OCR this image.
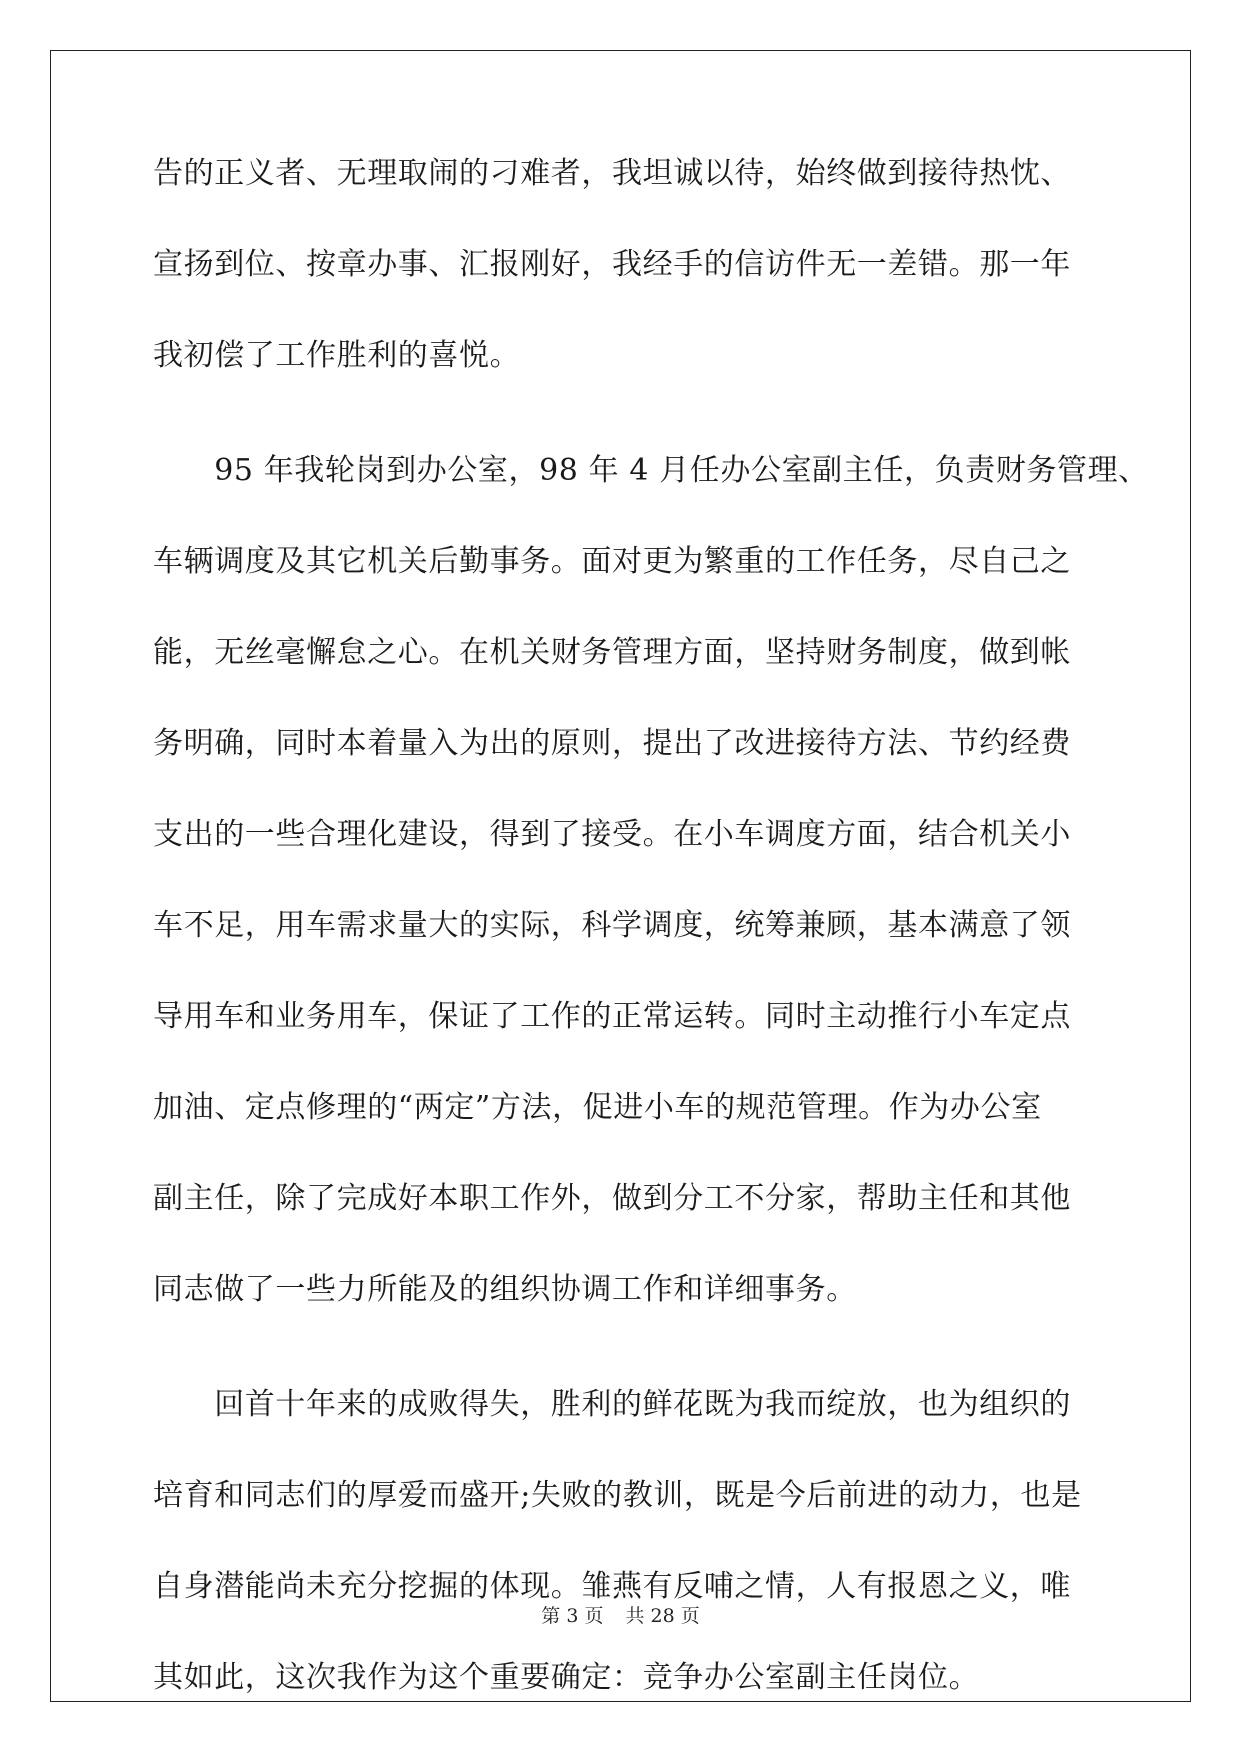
告的正义者、无理取闹的刁难者，我坦诚以待，始终做到接待热忱、
宣扬到位、按章办事、汇报刚好，我经手的信访件无一差错。那一年
我初偿了工作胜利的喜悦。
　　95 年我轮岗到办公室，98 年 4 月任办公室副主任，负责财务管理、
车辆调度及其它机关后勤事务。面对更为繁重的工作任务，尽自己之
能，无丝毫懈怠之心。在机关财务管理方面，坚持财务制度，做到帐
务明确，同时本着量入为出的原则，提出了改进接待方法、节约经费
支出的一些合理化建设，得到了接受。在小车调度方面，结合机关小
车不足，用车需求量大的实际，科学调度，统筹兼顾，基本满意了领
导用车和业务用车，保证了工作的正常运转。同时主动推行小车定点
加油、定点修理的“两定”方法，促进小车的规范管理。作为办公室
副主任，除了完成好本职工作外，做到分工不分家，帮助主任和其他
同志做了一些力所能及的组织协调工作和详细事务。
　　回首十年来的成败得失，胜利的鲜花既为我而绽放，也为组织的
培育和同志们的厚爱而盛开;失败的教训，既是今后前进的动力，也是
自身潜能尚未充分挖掘的体现。雏燕有反哺之情，人有报恩之义，唯
其如此，这次我作为这个重要确定：竞争办公室副主任岗位。
第 3 页 共 28 页
